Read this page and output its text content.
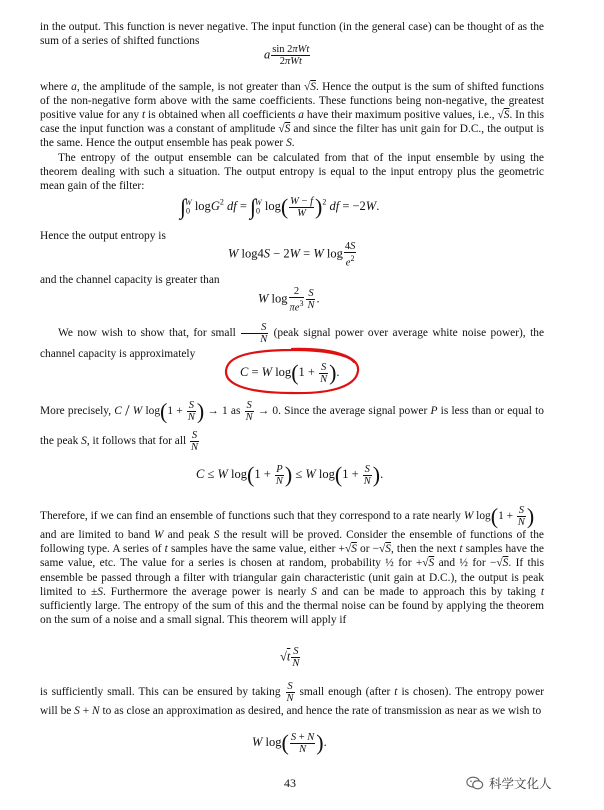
in the output. This function is never negative. The input function (in the general case) can be thought of as the sum of a series of shifted functions

a $\frac{\text{sin 2πWt}}{\text{2πWt}}$

where a, the amplitude of the sample, is not greater than √S. Hence the output is the sum of shifted functions of the non-negative form above with the same coefficients. These functions being non-negative, the greatest positive value for any t is obtained when all coefficients a have their maximum positive values, i.e., √S. In this case the input function was a constant of amplitude √S and since the filter has unit gain for D.C., the output is the same. Hence the output ensemble has peak power S.

The entropy of the output ensemble can be calculated from that of the input ensemble by using the theorem dealing with such a situation. The output entropy is equal to the input entropy plus the geometric mean gain of the filter:

$\int_0^W$ logG$^2$ df = $\int_0^W$ $\log( \frac{W - f}{W} )^2$ df = −2W.
Hence the output entropy is
W log4S − 2W = W $\log \frac{4S}{e^2}$
and the channel capacity is greater than
W $\log \frac{2}{\pi e^3} \frac{S}{N}$ .

We now wish to show that, for small $\frac{S}{N}$ (peak signal power over average white noise power), the channel capacity is approximately

C = W $\log(1 + \frac{S}{N}$ ).
More precisely, C / W $\log(1 + \frac{S}{N}$ ) → 1 as $\frac{S}{N} \to 0$. Since the average signal power P is less than or equal to the peak S, it follows that for all $\frac{S}{N}$
C ≤ W $\log(1 + \frac{P}{N}$ ) ≤ W $\log(1 + \frac{S}{N}$ ).
Therefore, if we can find an ensemble of functions such that they correspond to a rate nearly W $\log(1 + \frac{S}{N}$ )
and are limited to band W and peak S the result will be proved. Consider the ensemble of functions of the following type. A series of t samples have the same value, either +√S or −√S, then the next t samples have the same value, etc. The value for a series is chosen at random, probability ½ for +√S and ½ for −√S. If this ensemble be passed through a filter with triangular gain characteristic (unit gain at D.C.), the output is peak limited to ±S. Furthermore the average power is nearly S and can be made to approach this by taking t sufficiently large. The entropy of the sum of this and the thermal noise can be found by applying the theorem on the sum of a noise and a small signal. This theorem will apply if
$√t \frac{S}{N}$
is sufficiently small. This can be ensured by taking $\frac{S}{N}$ small enough (after t is chosen). The entropy power will be S + N to as close an approximation as desired, and hence the rate of transmission as near as we wish to
W $\log( \frac{S + N}{N}$ ).
43	科学文化人
